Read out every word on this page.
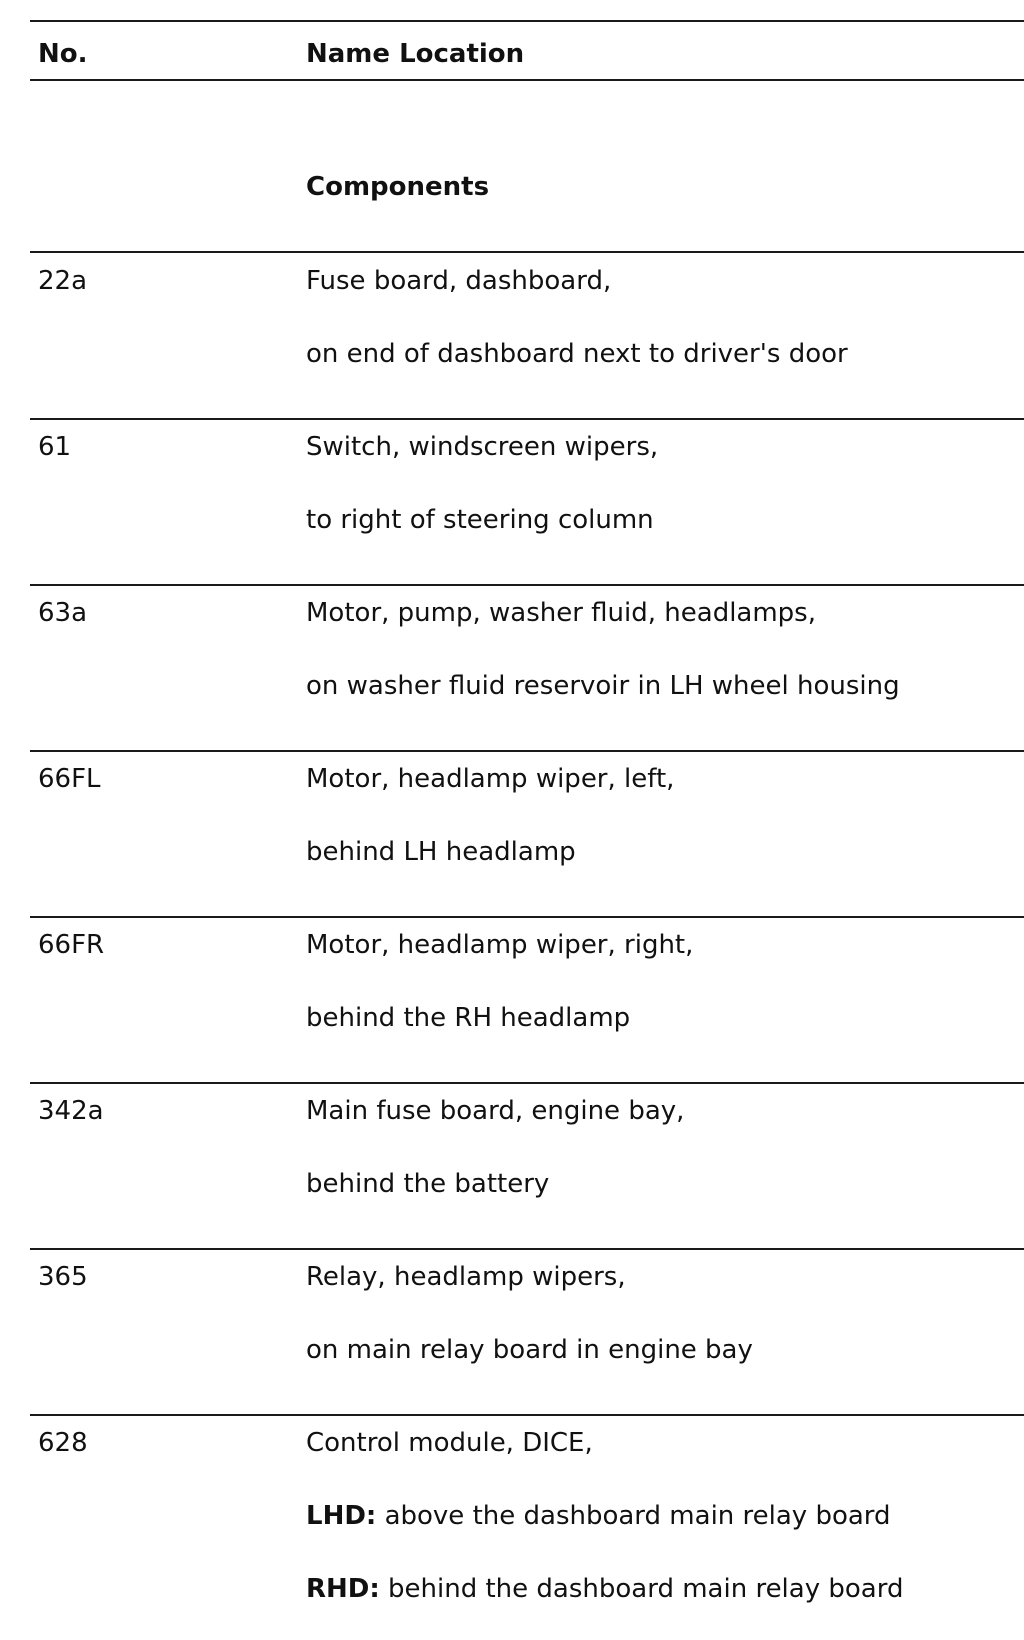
No.	Name Location
Components
22a	Fuse board, dashboard,
on end of dashboard next to driver's door
61	Switch, windscreen wipers,
to right of steering column
63a	Motor, pump, washer fluid, headlamps,
on washer fluid reservoir in LH wheel housing
66FL	Motor, headlamp wiper, left,
behind LH headlamp
66FR	Motor, headlamp wiper, right,
behind the RH headlamp
342a	Main fuse board, engine bay,
behind the battery
365	Relay, headlamp wipers,
on main relay board in engine bay
628	Control module, DICE,
LHD: above the dashboard main relay board
RHD: behind the dashboard main relay board
